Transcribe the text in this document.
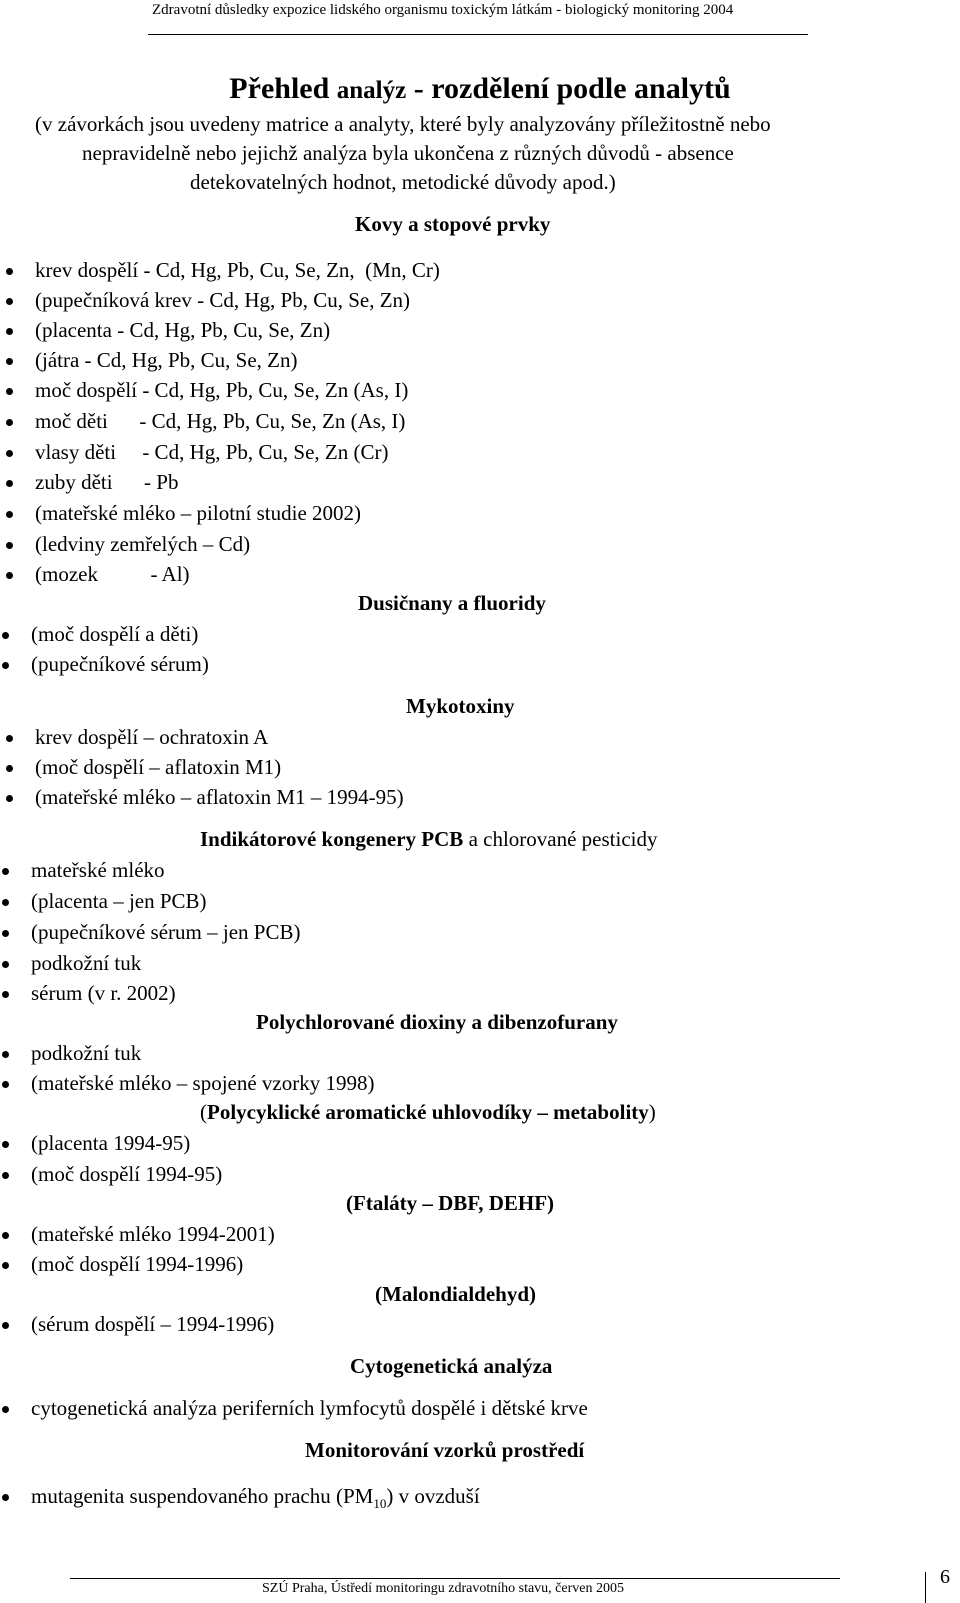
Zdravotní důsledky expozice lidského organismu toxickým látkám - biologický monitoring 2004
Přehled analýz - rozdělení podle analytů
(v závorkách jsou uvedeny matrice a analyty, které byly analyzovány příležitostně nebo
nepravidelně nebo jejichž analýza byla ukončena z různých důvodů - absence
detekovatelných hodnot, metodické důvody apod.)
Kovy a stopové prvky
krev dospělí - Cd, Hg, Pb, Cu, Se, Zn,  (Mn, Cr)
(pupečníková krev - Cd, Hg, Pb, Cu, Se, Zn)
(placenta - Cd, Hg, Pb, Cu, Se, Zn)
(játra - Cd, Hg, Pb, Cu, Se, Zn)
moč dospělí - Cd, Hg, Pb, Cu, Se, Zn (As, I)
moč děti      - Cd, Hg, Pb, Cu, Se, Zn (As, I)
vlasy děti     - Cd, Hg, Pb, Cu, Se, Zn (Cr)
zuby děti      - Pb
(mateřské mléko – pilotní studie 2002)
(ledviny zemřelých – Cd)
(mozek          - Al)
Dusičnany a fluoridy
(moč dospělí a děti)
(pupečníkové sérum)
Mykotoxiny
krev dospělí – ochratoxin A
(moč dospělí – aflatoxin M1)
(mateřské mléko – aflatoxin M1 – 1994-95)
Indikátorové kongenery PCB a chlorované pesticidy
mateřské mléko
(placenta – jen PCB)
(pupečníkové sérum – jen PCB)
podkožní tuk
sérum (v r. 2002)
Polychlorované dioxiny a dibenzofurany
podkožní tuk
(mateřské mléko – spojené vzorky 1998)
(Polycyklické aromatické uhlovodíky – metabolity)
(placenta 1994-95)
(moč dospělí 1994-95)
(Ftaláty – DBF, DEHF)
(mateřské mléko 1994-2001)
(moč dospělí 1994-1996)
(Malondialdehyd)
(sérum dospělí – 1994-1996)
Cytogenetická analýza
cytogenetická analýza periferních lymfocytů dospělé i dětské krve
Monitorování vzorků prostředí
mutagenita suspendovaného prachu $(PM_{10})$ v ovzduší
SZÚ Praha, Ústředí monitoringu zdravotního stavu, červen 2005
6
